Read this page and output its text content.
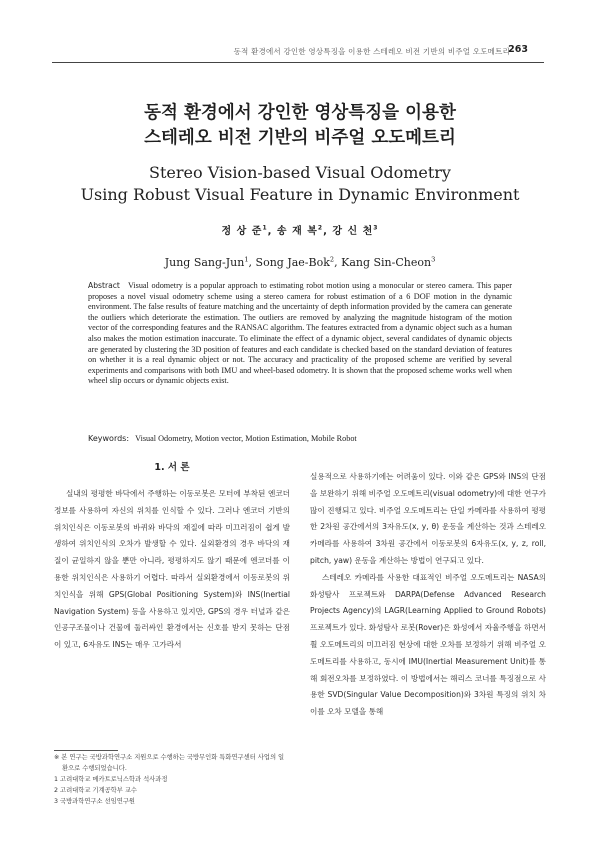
동적 환경에서 강인한 영상특징을 이용한 스테레오 비전 기반의 비주얼 오도메트리
263
동적 환경에서 강인한 영상특징을 이용한
스테레오 비전 기반의 비주얼 오도메트리
Stereo Vision-based Visual Odometry
Using Robust Visual Feature in Dynamic Environment
정 상 준$^1$, 송 재 복$^2$, 강 신 천$^3$
Jung Sang-Jun$^1$, Song Jae-Bok$^2$, Kang Sin-Cheon$^3$
Abstract Visual odometry is a popular approach to estimating robot motion using a monocular or stereo camera. This paper proposes a novel visual odometry scheme using a stereo camera for robust estimation of a 6 DOF motion in the dynamic environment. The false results of feature matching and the uncertainty of depth information provided by the camera can generate the outliers which deteriorate the estimation. The outliers are removed by analyzing the magnitude histogram of the motion vector of the corresponding features and the RANSAC algorithm. The features extracted from a dynamic object such as a human also makes the motion estimation inaccurate. To eliminate the effect of a dynamic object, several candidates of dynamic objects are generated by clustering the 3D position of features and each candidate is checked based on the standard deviation of features on whether it is a real dynamic object or not. The accuracy and practicality of the proposed scheme are verified by several experiments and comparisons with both IMU and wheel-based odometry. It is shown that the proposed scheme works well when wheel slip occurs or dynamic objects exist.
Keywords: Visual Odometry, Motion vector, Motion Estimation, Mobile Robot
1. 서 론

실내의 평평한 바닥에서 주행하는 이동로봇은 모터에 부착된 엔코더 정보를 사용하여 자신의 위치를 인식할 수 있다. 그러나 엔코더 기반의 위치인식은 이동로봇의 바퀴와 바닥의 재질에 따라 미끄러짐이 쉽게 발생하여 위치인식의 오차가 발생할 수 있다. 실외환경의 경우 바닥의 재질이 균일하지 않을 뿐만 아니라, 평평하지도 않기 때문에 엔코더를 이용한 위치인식은 사용하기 어렵다. 따라서 실외환경에서 이동로봇의 위치인식을 위해 GPS(Global Positioning System)와 INS(Inertial Navigation System) 등을 사용하고 있지만, GPS의 경우 터널과 같은 인공구조물이나 건물에 둘러싸인 환경에서는 신호를 받지 못하는 단점이 있고, 6자유도 INS는 매우 고가라서

실용적으로 사용하기에는 어려움이 있다. 이와 같은 GPS와 INS의 단점을 보완하기 위해 비주얼 오도메트리(visual odometry)에 대한 연구가 많이 진행되고 있다. 비주얼 오도메트리는 단일 카메라를 사용하여 평평한 2차원 공간에서의 3자유도(x, y, θ) 운동을 계산하는 것과 스테레오 카메라를 사용하여 3차원 공간에서 이동로봇의 6자유도(x, y, z, roll, pitch, yaw) 운동을 계산하는 방법이 연구되고 있다.

스테레오 카메라를 사용한 대표적인 비주얼 오도메트리는 NASA의 화성탐사 프로젝트와 DARPA(Defense Advanced Research Projects Agency)의 LAGR(Learning Applied to Ground Robots) 프로젝트가 있다. 화성탐사 로봇(Rover)은 화성에서 자율주행을 하면서 휠 오도메트리의 미끄러짐 현상에 대한 오차를 보정하기 위해 비주얼 오도메트리를 사용하고, 동시에 IMU(Inertial Measurement Unit)를 통해 회전오차를 보정하였다. 이 방법에서는 해리스 코너를 특징점으로 사용한 SVD(Singular Value Decomposition)와 3차원 특징의 위치 차이를 오차 모델을 통해

※ 본 연구는 국방과학연구소 지원으로 수행하는 국방무인화 특화연구센터 사업의 일환으로 수행되었습니다.
1 고려대학교 메카트로닉스학과 석사과정
2 고려대학교 기계공학부 교수
3 국방과학연구소 선임연구원
